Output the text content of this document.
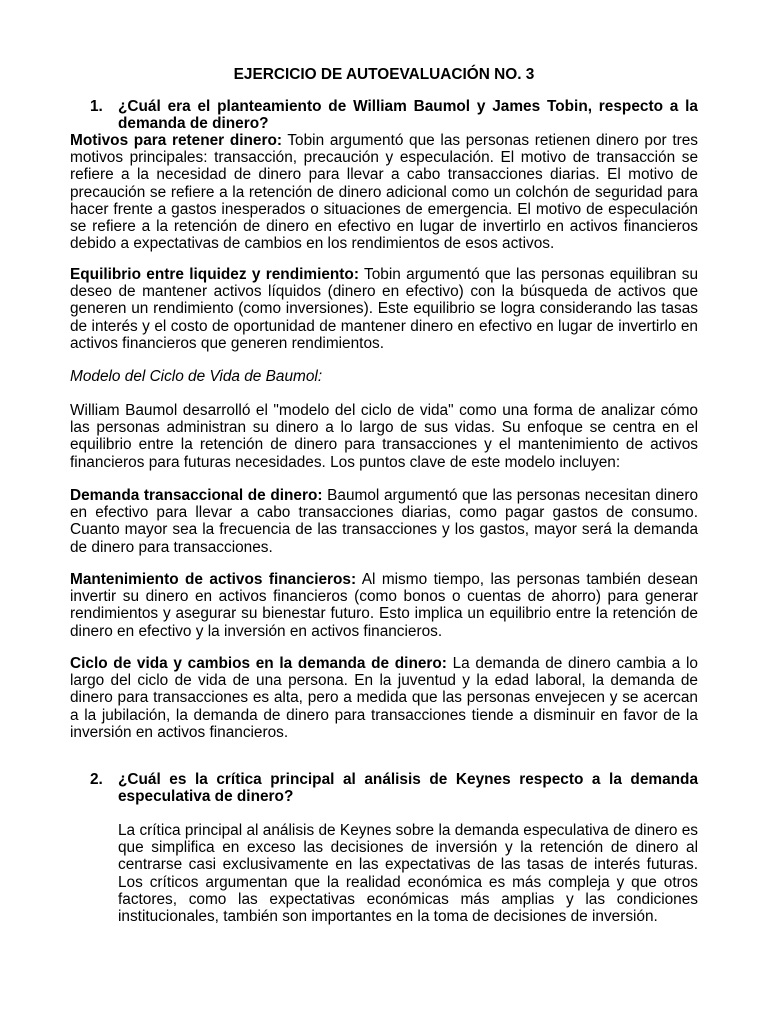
EJERCICIO DE AUTOEVALUACIÓN NO. 3
1. ¿Cuál era el planteamiento de William Baumol y James Tobin, respecto a la demanda de dinero?

Motivos para retener dinero: Tobin argumentó que las personas retienen dinero por tres motivos principales: transacción, precaución y especulación. El motivo de transacción se refiere a la necesidad de dinero para llevar a cabo transacciones diarias. El motivo de precaución se refiere a la retención de dinero adicional como un colchón de seguridad para hacer frente a gastos inesperados o situaciones de emergencia. El motivo de especulación se refiere a la retención de dinero en efectivo en lugar de invertirlo en activos financieros debido a expectativas de cambios en los rendimientos de esos activos.

Equilibrio entre liquidez y rendimiento: Tobin argumentó que las personas equilibran su deseo de mantener activos líquidos (dinero en efectivo) con la búsqueda de activos que generen un rendimiento (como inversiones). Este equilibrio se logra considerando las tasas de interés y el costo de oportunidad de mantener dinero en efectivo en lugar de invertirlo en activos financieros que generen rendimientos.

Modelo del Ciclo de Vida de Baumol:

William Baumol desarrolló el "modelo del ciclo de vida" como una forma de analizar cómo las personas administran su dinero a lo largo de sus vidas. Su enfoque se centra en el equilibrio entre la retención de dinero para transacciones y el mantenimiento de activos financieros para futuras necesidades. Los puntos clave de este modelo incluyen:

Demanda transaccional de dinero: Baumol argumentó que las personas necesitan dinero en efectivo para llevar a cabo transacciones diarias, como pagar gastos de consumo. Cuanto mayor sea la frecuencia de las transacciones y los gastos, mayor será la demanda de dinero para transacciones.

Mantenimiento de activos financieros: Al mismo tiempo, las personas también desean invertir su dinero en activos financieros (como bonos o cuentas de ahorro) para generar rendimientos y asegurar su bienestar futuro. Esto implica un equilibrio entre la retención de dinero en efectivo y la inversión en activos financieros.

Ciclo de vida y cambios en la demanda de dinero: La demanda de dinero cambia a lo largo del ciclo de vida de una persona. En la juventud y la edad laboral, la demanda de dinero para transacciones es alta, pero a medida que las personas envejecen y se acercan a la jubilación, la demanda de dinero para transacciones tiende a disminuir en favor de la inversión en activos financieros.

2. ¿Cuál es la crítica principal al análisis de Keynes respecto a la demanda especulativa de dinero?

La crítica principal al análisis de Keynes sobre la demanda especulativa de dinero es que simplifica en exceso las decisiones de inversión y la retención de dinero al centrarse casi exclusivamente en las expectativas de las tasas de interés futuras. Los críticos argumentan que la realidad económica es más compleja y que otros factores, como las expectativas económicas más amplias y las condiciones institucionales, también son importantes en la toma de decisiones de inversión.
